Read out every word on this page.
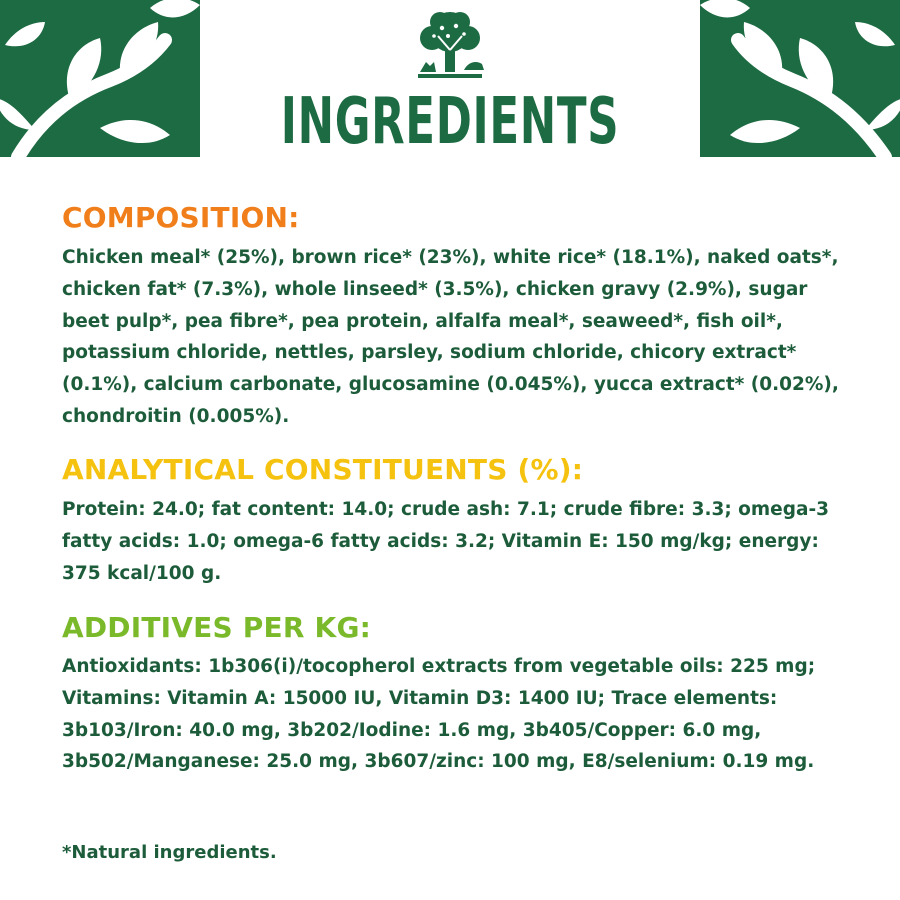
INGREDIENTS
COMPOSITION:

Chicken meal* (25%), brown rice* (23%), white rice* (18.1%), naked oats*, chicken fat* (7.3%), whole linseed* (3.5%), chicken gravy (2.9%), sugar beet pulp*, pea fibre*, pea protein, alfalfa meal*, seaweed*, fish oil*, potassium chloride, nettles, parsley, sodium chloride, chicory extract* (0.1%), calcium carbonate, glucosamine (0.045%), yucca extract* (0.02%), chondroitin (0.005%).

ANALYTICAL CONSTITUENTS (%):

Protein: 24.0; fat content: 14.0; crude ash: 7.1; crude fibre: 3.3; omega-3 fatty acids: 1.0; omega-6 fatty acids: 3.2; Vitamin E: 150 mg/kg; energy: 375 kcal/100 g.

ADDITIVES PER KG:

Antioxidants: 1b306(i)/tocopherol extracts from vegetable oils: 225 mg; Vitamins: Vitamin A: 15000 IU, Vitamin D3: 1400 IU; Trace elements: 3b103/Iron: 40.0 mg, 3b202/Iodine: 1.6 mg, 3b405/Copper: 6.0 mg, 3b502/Manganese: 25.0 mg, 3b607/zinc: 100 mg, E8/selenium: 0.19 mg.

*Natural ingredients.
